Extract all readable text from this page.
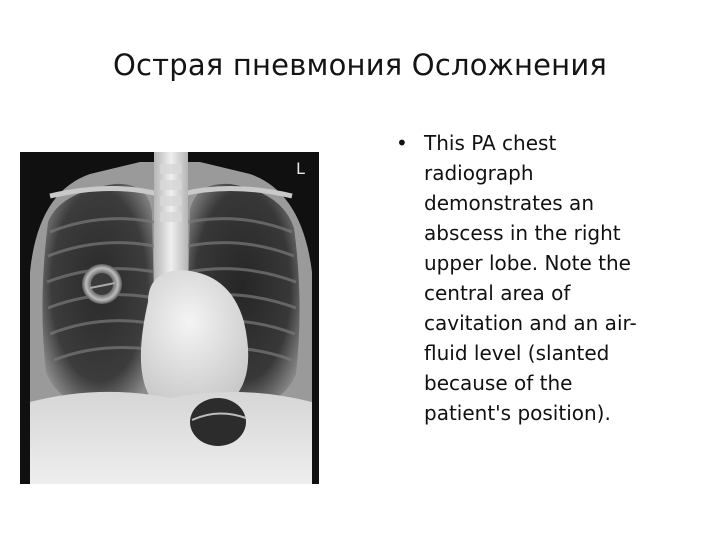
Острая пневмония Осложнения
L
• This PA chest
radiograph
demonstrates an
abscess in the right
upper lobe. Note the
central area of
cavitation and an air-
fluid level (slanted
because of the
patient's position).
